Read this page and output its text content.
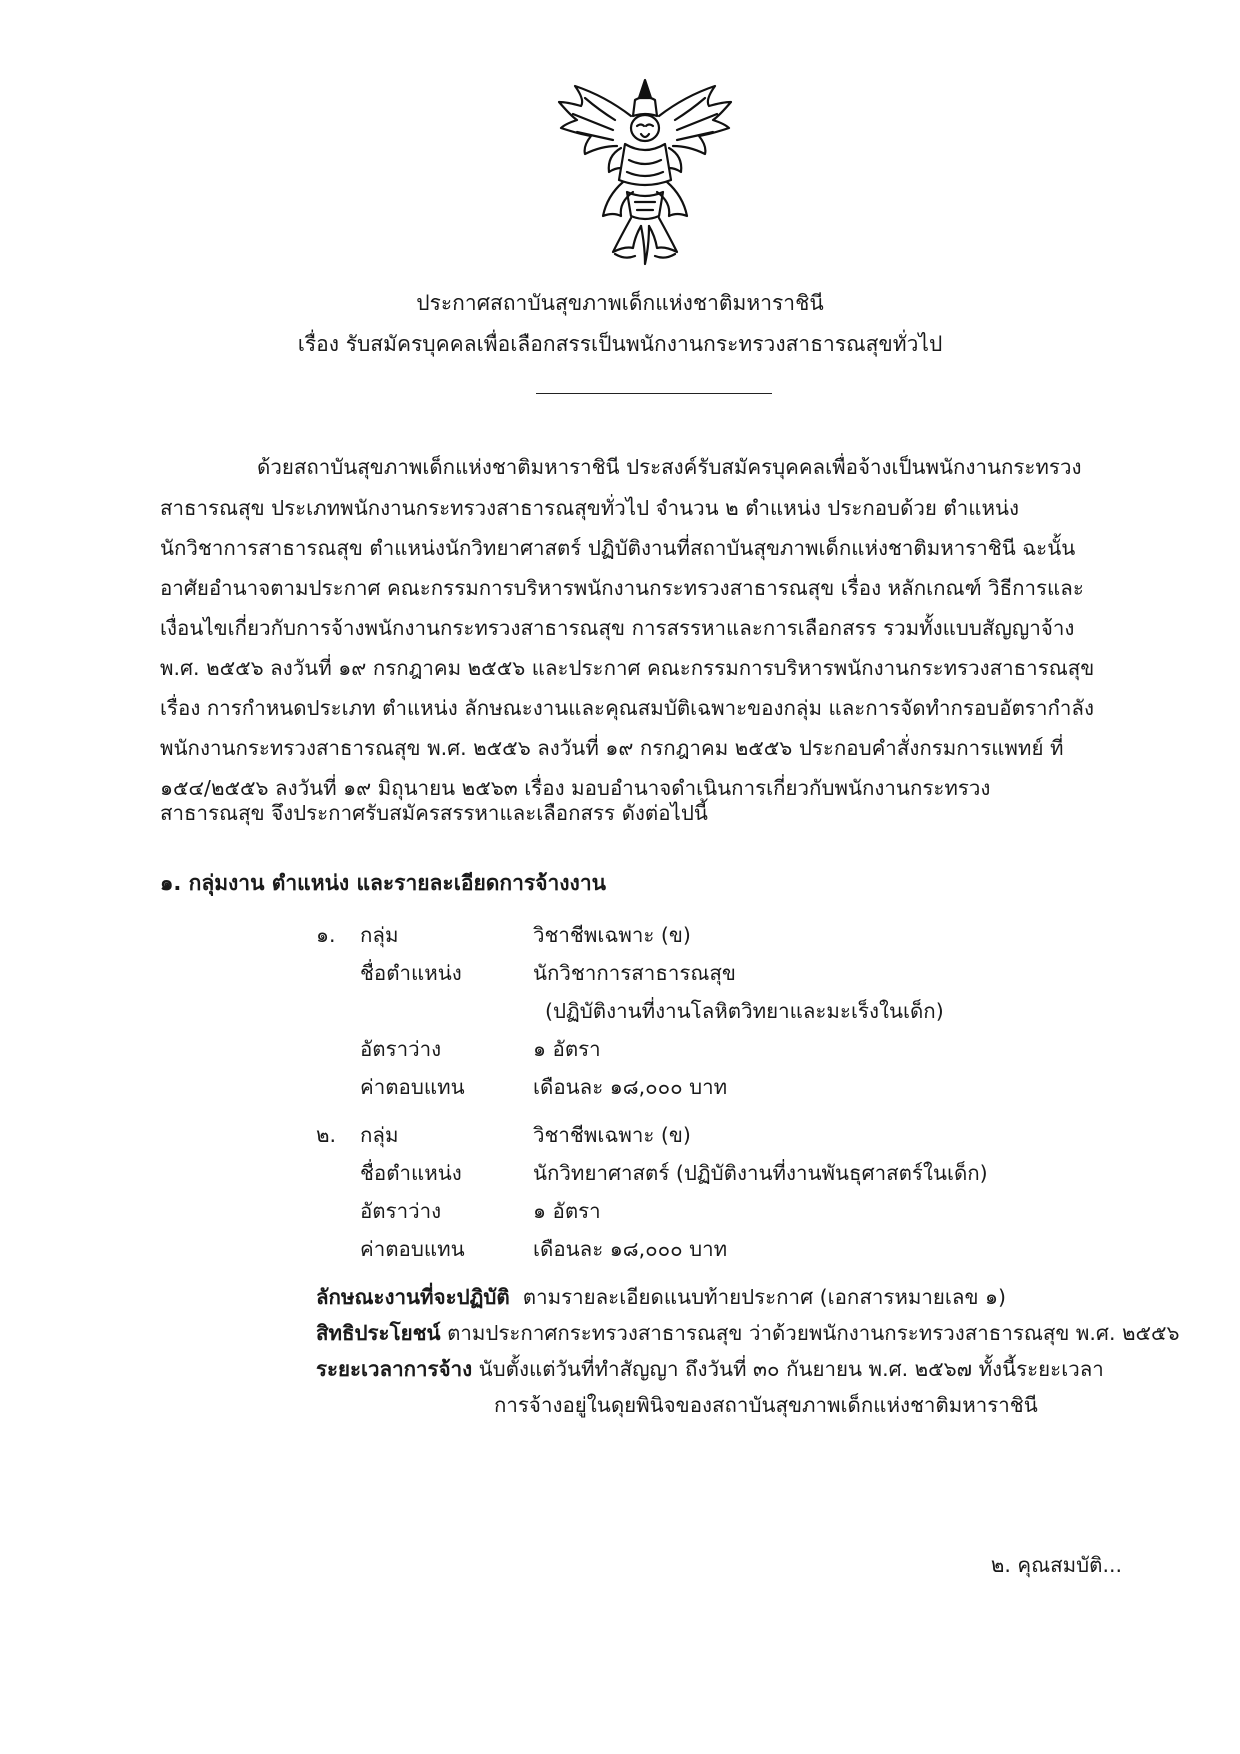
ประกาศสถาบันสุขภาพเด็กแห่งชาติมหาราชินี
เรื่อง รับสมัครบุคคลเพื่อเลือกสรรเป็นพนักงานกระทรวงสาธารณสุขทั่วไป
ด้วยสถาบันสุขภาพเด็กแห่งชาติมหาราชินี ประสงค์รับสมัครบุคคลเพื่อจ้างเป็นพนักงานกระทรวง
สาธารณสุข ประเภทพนักงานกระทรวงสาธารณสุขทั่วไป จำนวน ๒ ตำแหน่ง ประกอบด้วย ตำแหน่ง
นักวิชาการสาธารณสุข ตำแหน่งนักวิทยาศาสตร์ ปฏิบัติงานที่สถาบันสุขภาพเด็กแห่งชาติมหาราชินี ฉะนั้น
อาศัยอำนาจตามประกาศ คณะกรรมการบริหารพนักงานกระทรวงสาธารณสุข เรื่อง หลักเกณฑ์ วิธีการและ
เงื่อนไขเกี่ยวกับการจ้างพนักงานกระทรวงสาธารณสุข การสรรหาและการเลือกสรร รวมทั้งแบบสัญญาจ้าง
พ.ศ. ๒๕๕๖ ลงวันที่ ๑๙ กรกฎาคม ๒๕๕๖ และประกาศ คณะกรรมการบริหารพนักงานกระทรวงสาธารณสุข
เรื่อง การกำหนดประเภท ตำแหน่ง ลักษณะงานและคุณสมบัติเฉพาะของกลุ่ม และการจัดทำกรอบอัตรากำลัง
พนักงานกระทรวงสาธารณสุข พ.ศ. ๒๕๕๖ ลงวันที่ ๑๙ กรกฎาคม ๒๕๕๖ ประกอบคำสั่งกรมการแพทย์ ที่
๑๕๔/๒๕๕๖ ลงวันที่ ๑๙ มิถุนายน ๒๕๖๓ เรื่อง มอบอำนาจดำเนินการเกี่ยวกับพนักงานกระทรวง
สาธารณสุข จึงประกาศรับสมัครสรรหาและเลือกสรร ดังต่อไปนี้
๑. กลุ่มงาน ตำแหน่ง และรายละเอียดการจ้างงาน
๑. กลุ่ม	วิชาชีพเฉพาะ (ข)
ชื่อตำแหน่ง	นักวิชาการสาธารณสุข
(ปฏิบัติงานที่งานโลหิตวิทยาและมะเร็งในเด็ก)
อัตราว่าง	๑ อัตรา
ค่าตอบแทน	เดือนละ ๑๘,๐๐๐ บาท
๒. กลุ่ม	วิชาชีพเฉพาะ (ข)
ชื่อตำแหน่ง	นักวิทยาศาสตร์ (ปฏิบัติงานที่งานพันธุศาสตร์ในเด็ก)
อัตราว่าง	๑ อัตรา
ค่าตอบแทน	เดือนละ ๑๘,๐๐๐ บาท
ลักษณะงานที่จะปฏิบัติ ตามรายละเอียดแนบท้ายประกาศ (เอกสารหมายเลข ๑)
สิทธิประโยชน์ ตามประกาศกระทรวงสาธารณสุข ว่าด้วยพนักงานกระทรวงสาธารณสุข พ.ศ. ๒๕๕๖
ระยะเวลาการจ้าง นับตั้งแต่วันที่ทำสัญญา ถึงวันที่ ๓๐ กันยายน พ.ศ. ๒๕๖๗ ทั้งนี้ระยะเวลา
การจ้างอยู่ในดุยพินิจของสถาบันสุขภาพเด็กแห่งชาติมหาราชินี
๒. คุณสมบัติ...
